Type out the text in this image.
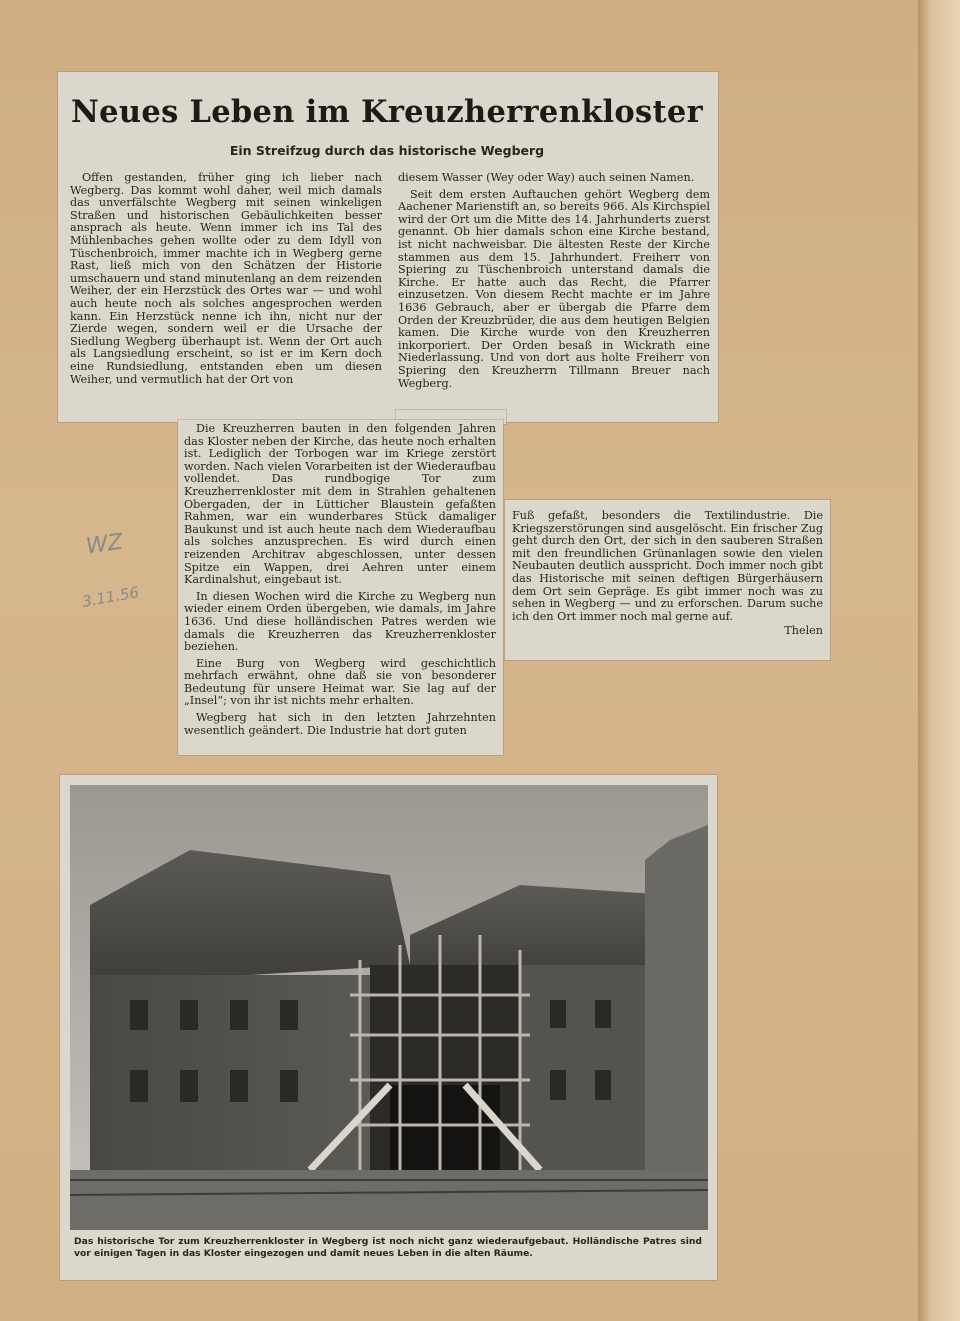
Neues Leben im Kreuzherrenkloster
Ein Streifzug durch das historische Wegberg

Offen gestanden, früher ging ich lieber nach Wegberg. Das kommt wohl daher, weil mich damals das unverfälschte Wegberg mit seinen winkeligen Straßen und historischen Gebäulichkeiten besser ansprach als heute. Wenn immer ich ins Tal des Mühlenbaches gehen wollte oder zu dem Idyll von Tüschenbroich, immer machte ich in Wegberg gerne Rast, ließ mich von den Schätzen der Historie umschauern und stand minutenlang an dem reizenden Weiher, der ein Herzstück des Ortes war — und wohl auch heute noch als solches angesprochen werden kann. Ein Herzstück nenne ich ihn, nicht nur der Zierde wegen, sondern weil er die Ursache der Siedlung Wegberg überhaupt ist. Wenn der Ort auch als Langsiedlung erscheint, so ist er im Kern doch eine Rundsiedlung, entstanden eben um diesen Weiher, und vermutlich hat der Ort von

diesem Wasser (Wey oder Way) auch seinen Namen.

Seit dem ersten Auftauchen gehört Wegberg dem Aachener Marienstift an, so bereits 966. Als Kirchspiel wird der Ort um die Mitte des 14. Jahrhunderts zuerst genannt. Ob hier damals schon eine Kirche bestand, ist nicht nachweisbar. Die ältesten Reste der Kirche stammen aus dem 15. Jahrhundert. Freiherr von Spiering zu Tüschenbroich unterstand damals die Kirche. Er hatte auch das Recht, die Pfarrer einzusetzen. Von diesem Recht machte er im Jahre 1636 Gebrauch, aber er übergab die Pfarre dem Orden der Kreuzbrüder, die aus dem heutigen Belgien kamen. Die Kirche wurde von den Kreuzherren inkorporiert. Der Orden besaß in Wickrath eine Niederlassung. Und von dort aus holte Freiherr von Spiering den Kreuzherrn Tillmann Breuer nach Wegberg.

Die Kreuzherren bauten in den folgenden Jahren das Kloster neben der Kirche, das heute noch erhalten ist. Lediglich der Torbogen war im Kriege zerstört worden. Nach vielen Vorarbeiten ist der Wiederaufbau vollendet. Das rundbogige Tor zum Kreuzherrenkloster mit dem in Strahlen gehaltenen Obergaden, der in Lütticher Blaustein gefaßten Rahmen, war ein wunderbares Stück damaliger Baukunst und ist auch heute nach dem Wiederaufbau als solches anzusprechen. Es wird durch einen reizenden Architrav abgeschlossen, unter dessen Spitze ein Wappen, drei Aehren unter einem Kardinalshut, eingebaut ist.

In diesen Wochen wird die Kirche zu Wegberg nun wieder einem Orden übergeben, wie damals, im Jahre 1636. Und diese holländischen Patres werden wie damals die Kreuzherren das Kreuzherrenkloster beziehen.

Eine Burg von Wegberg wird geschichtlich mehrfach erwähnt, ohne daß sie von besonderer Bedeutung für unsere Heimat war. Sie lag auf der „Insel“; von ihr ist nichts mehr erhalten.

Wegberg hat sich in den letzten Jahrzehnten wesentlich geändert. Die Industrie hat dort guten

Fuß gefaßt, besonders die Textilindustrie. Die Kriegszerstörungen sind ausgelöscht. Ein frischer Zug geht durch den Ort, der sich in den sauberen Straßen mit den freundlichen Grünanlagen sowie den vielen Neubauten deutlich ausspricht. Doch immer noch gibt das Historische mit seinen deftigen Bürgerhäusern dem Ort sein Gepräge. Es gibt immer noch was zu sehen in Wegberg — und zu erforschen. Darum suche ich den Ort immer noch mal gerne auf.

Thelen
WZ
3.11.56
Das historische Tor zum Kreuzherrenkloster in Wegberg ist noch nicht ganz wiederaufgebaut. Holländische Patres sind vor einigen Tagen in das Kloster eingezogen und damit neues Leben in die alten Räume.
